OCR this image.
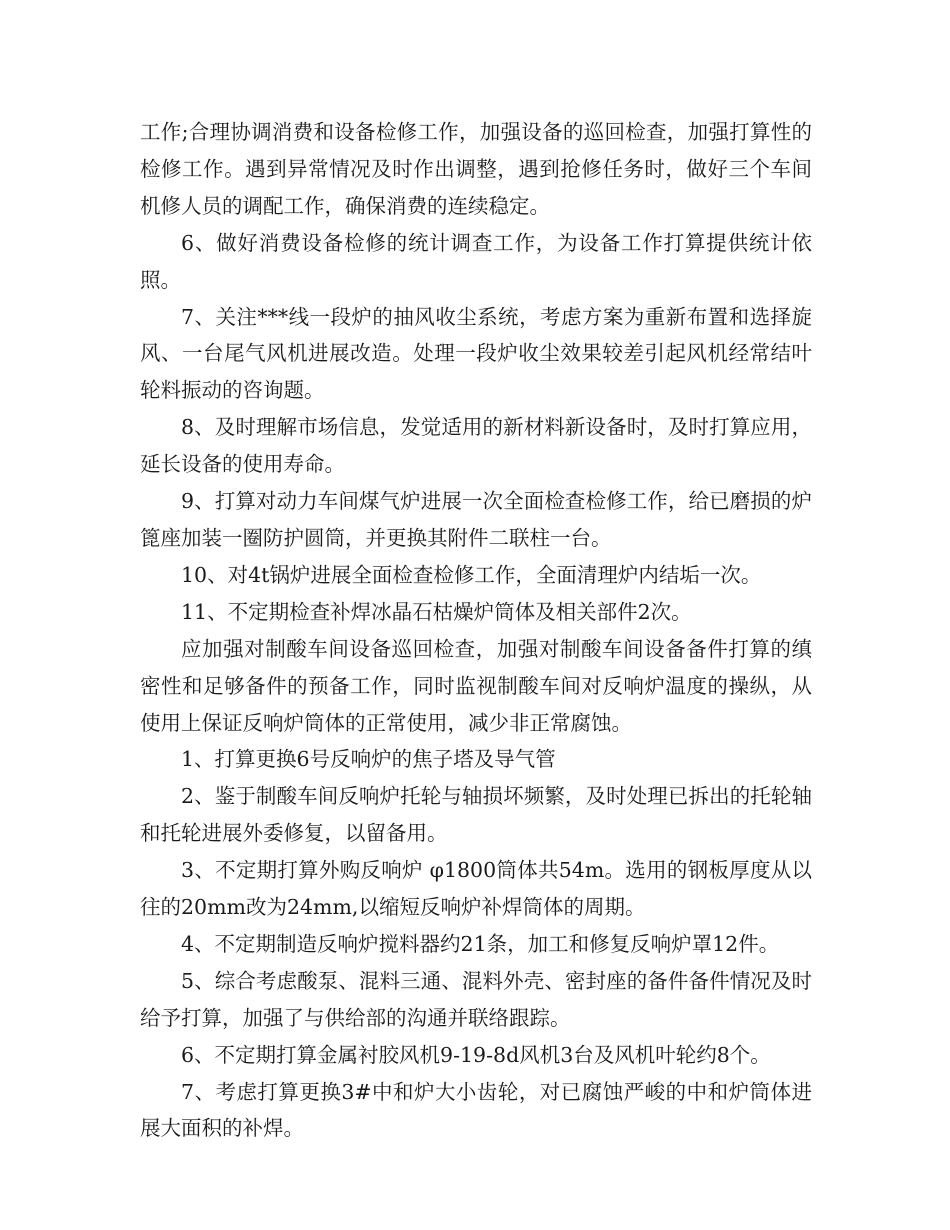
工作;合理协调消费和设备检修工作，加强设备的巡回检查，加强打算性的检修工作。遇到异常情况及时作出调整，遇到抢修任务时，做好三个车间机修人员的调配工作，确保消费的连续稳定。

6、做好消费设备检修的统计调查工作，为设备工作打算提供统计依照。

7、关注***线一段炉的抽风收尘系统，考虑方案为重新布置和选择旋风、一台尾气风机进展改造。处理一段炉收尘效果较差引起风机经常结叶轮料振动的咨询题。

8、及时理解市场信息，发觉适用的新材料新设备时，及时打算应用，延长设备的使用寿命。

9、打算对动力车间煤气炉进展一次全面检查检修工作，给已磨损的炉篦座加装一圈防护圆筒，并更换其附件二联柱一台。

10、对4t锅炉进展全面检查检修工作，全面清理炉内结垢一次。

11、不定期检查补焊冰晶石枯燥炉筒体及相关部件2次。

应加强对制酸车间设备巡回检查，加强对制酸车间设备备件打算的缜密性和足够备件的预备工作，同时监视制酸车间对反响炉温度的操纵，从使用上保证反响炉筒体的正常使用，减少非正常腐蚀。

1、打算更换6号反响炉的焦子塔及导气管

2、鉴于制酸车间反响炉托轮与轴损坏频繁，及时处理已拆出的托轮轴和托轮进展外委修复，以留备用。

3、不定期打算外购反响炉 φ1800筒体共54m。选用的钢板厚度从以往的20mm改为24mm,以缩短反响炉补焊筒体的周期。

4、不定期制造反响炉搅料器约21条，加工和修复反响炉罩12件。

5、综合考虑酸泵、混料三通、混料外壳、密封座的备件备件情况及时给予打算，加强了与供给部的沟通并联络跟踪。

6、不定期打算金属衬胶风机9-19-8d风机3台及风机叶轮约8个。

7、考虑打算更换3#中和炉大小齿轮，对已腐蚀严峻的中和炉筒体进展大面积的补焊。
